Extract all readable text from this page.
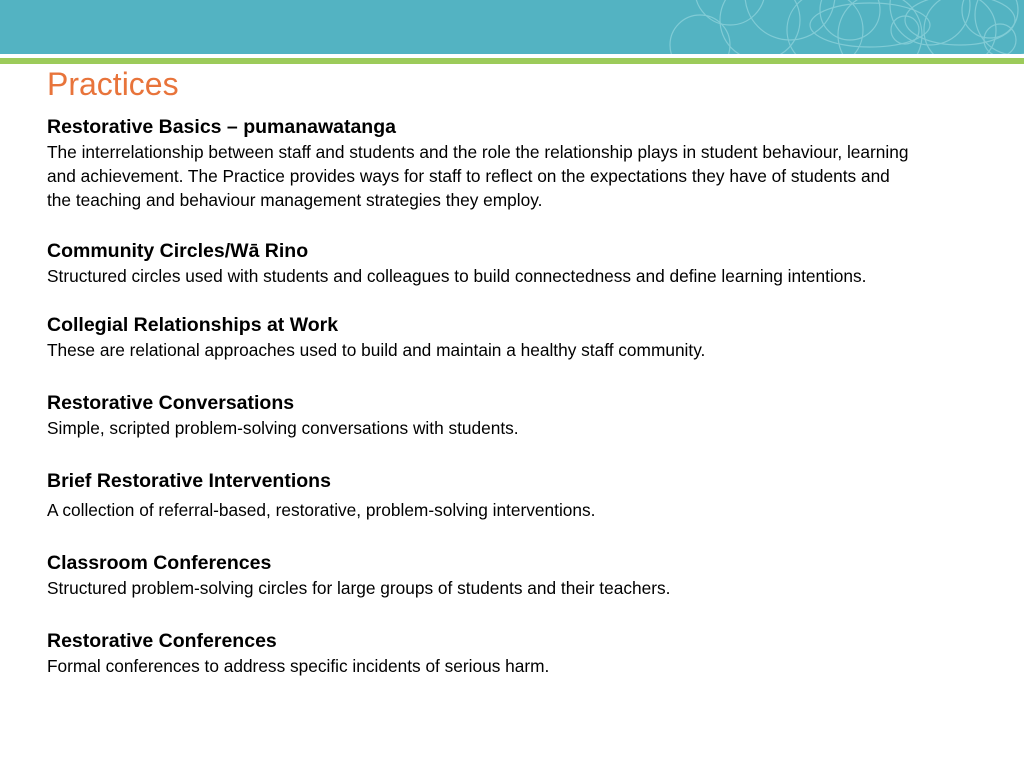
Practices

Restorative Basics – pumanawatanga

The interrelationship between staff and students and the role the relationship plays in student behaviour, learning and achievement. The Practice provides ways for staff to reflect on the expectations they have of students and the teaching and behaviour management strategies they employ.

Community Circles/Wā Rino

Structured circles used with students and colleagues to build connectedness and define learning intentions.

Collegial Relationships at Work

These are relational approaches used to build and maintain a healthy staff community.

Restorative Conversations

Simple, scripted problem-solving conversations with students.

Brief Restorative Interventions

A collection of referral-based, restorative, problem-solving interventions.

Classroom Conferences

Structured problem-solving circles for large groups of students and their teachers.

Restorative Conferences

Formal conferences to address specific incidents of serious harm.
